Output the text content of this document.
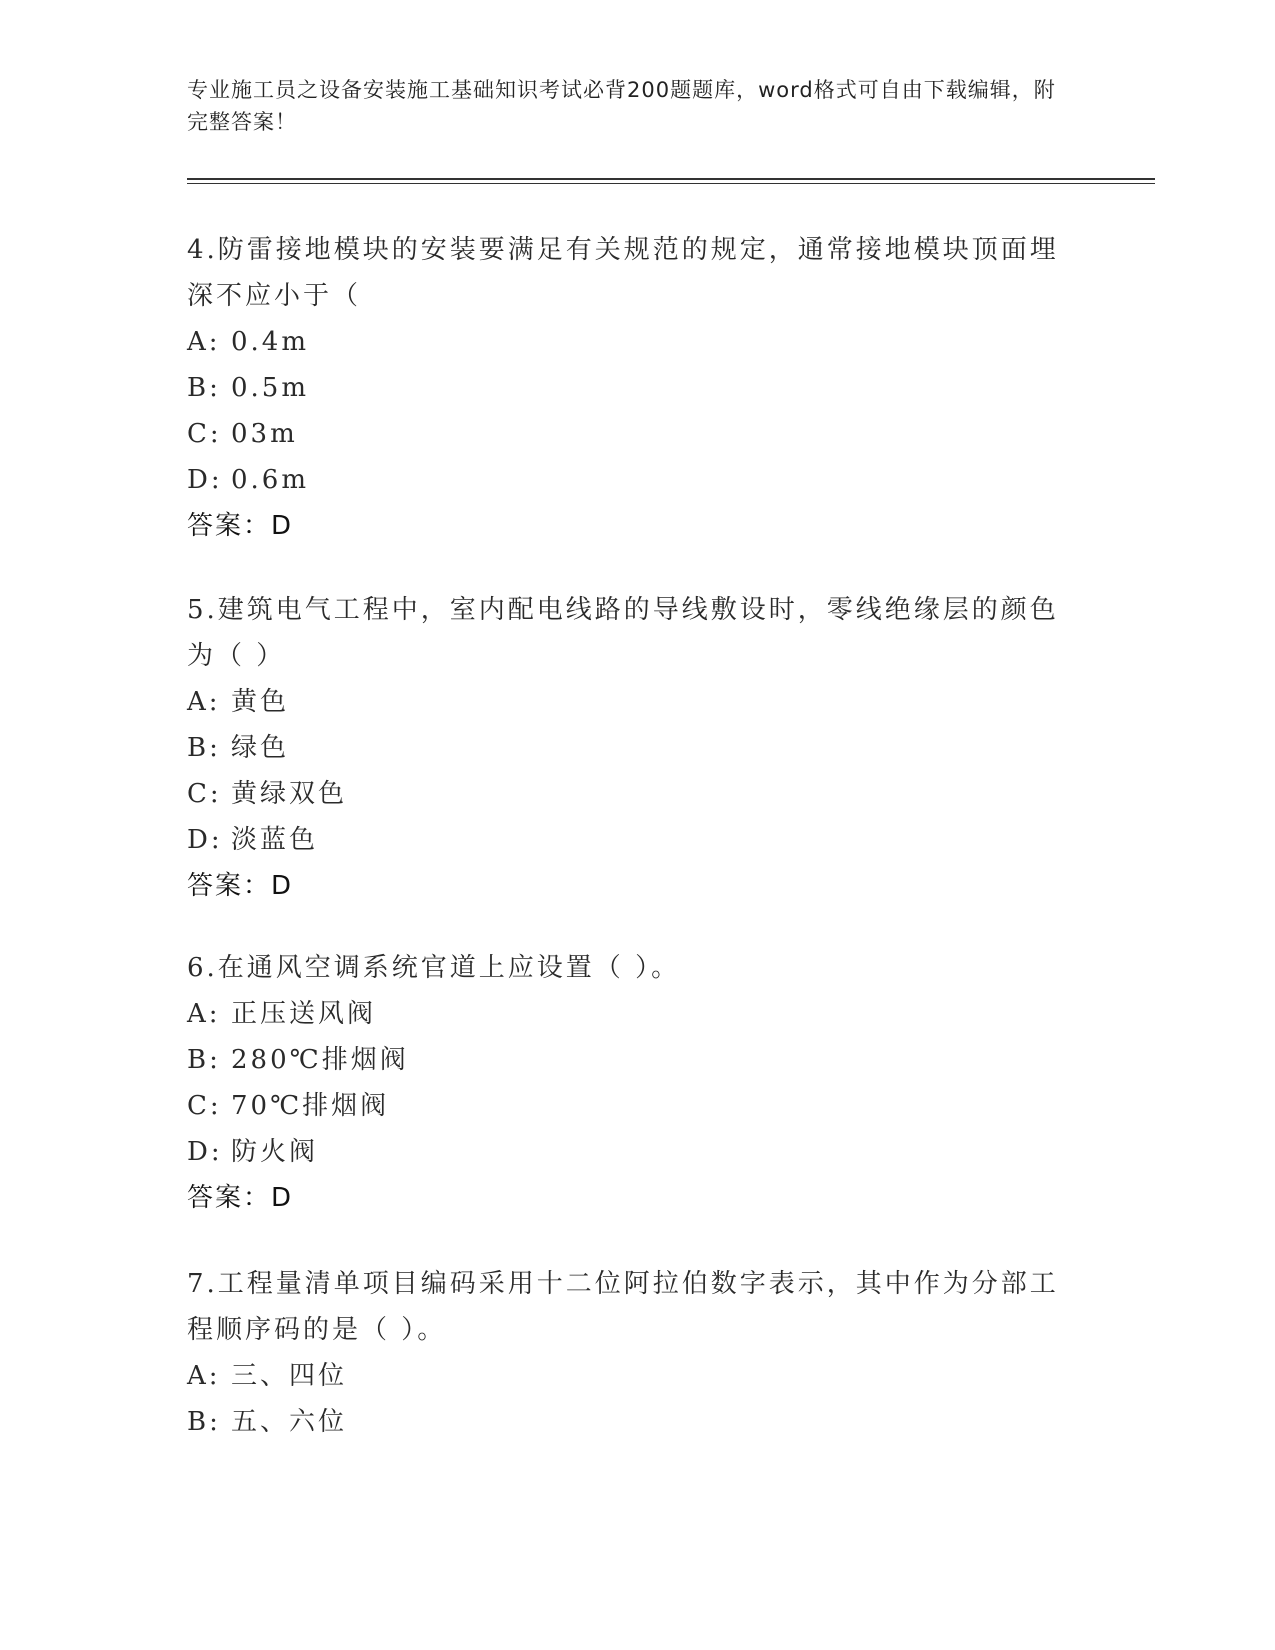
专业施工员之设备安装施工基础知识考试必背200题题库，word格式可自由下载编辑，附完整答案！

4.防雷接地模块的安装要满足有关规范的规定，通常接地模块顶面埋深不应小于（

A: 0.4m

B: 0.5m

C: 03m

D: 0.6m

答案：D

5.建筑电气工程中，室内配电线路的导线敷设时，零线绝缘层的颜色为（ ）

A: 黄色

B: 绿色

C: 黄绿双色

D: 淡蓝色

答案：D

6.在通风空调系统官道上应设置（ ）。

A: 正压送风阀

B: 280℃排烟阀

C: 70℃排烟阀

D: 防火阀

答案：D

7.工程量清单项目编码采用十二位阿拉伯数字表示，其中作为分部工程顺序码的是（ ）。

A: 三、四位

B: 五、六位
